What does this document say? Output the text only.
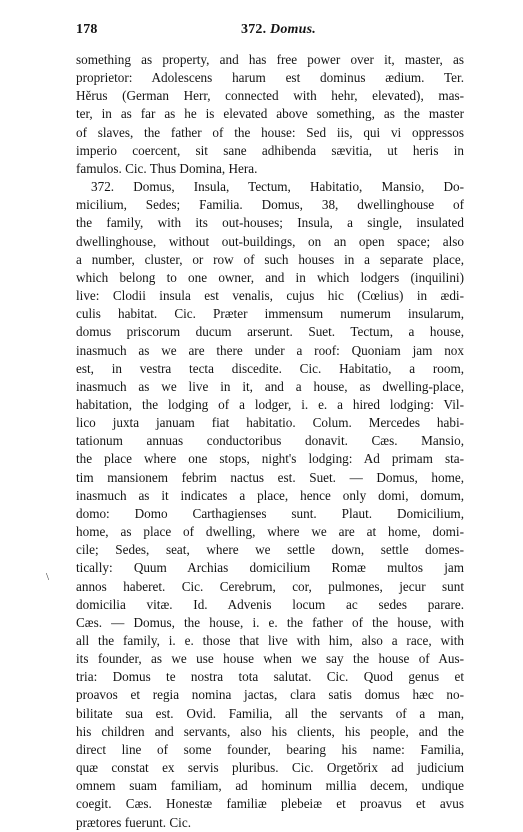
178	372. Domus.
something as property, and has free power over it, master, as
proprietor: Adolescens harum est dominus ædium. Ter.
Hĕrus (German Herr, connected with hehr, elevated), mas-
ter, in as far as he is elevated above something, as the master
of slaves, the father of the house: Sed iis, qui vi oppressos
imperio coercent, sit sane adhibenda sævitia, ut heris in
famulos. Cic. Thus Domina, Hera.
372. Domus, Insula, Tectum, Habitatio, Mansio, Do-
micilium, Sedes; Familia. Domus, 38, dwellinghouse of
the family, with its out-houses; Insula, a single, insulated
dwellinghouse, without out-buildings, on an open space; also
a number, cluster, or row of such houses in a separate place,
which belong to one owner, and in which lodgers (inquilini)
live: Clodii insula est venalis, cujus hic (Cœlius) in ædi-
culis habitat. Cic. Præter immensum numerum insularum,
domus priscorum ducum arserunt. Suet. Tectum, a house,
inasmuch as we are there under a roof: Quoniam jam nox
est, in vestra tecta discedite. Cic. Habitatio, a room,
inasmuch as we live in it, and a house, as dwelling-place,
habitation, the lodging of a lodger, i. e. a hired lodging: Vil-
lico juxta januam fiat habitatio. Colum. Mercedes habi-
tationum annuas conductoribus donavit. Cæs. Mansio,
the place where one stops, night's lodging: Ad primam sta-
tim mansionem febrim nactus est. Suet. — Domus, home,
inasmuch as it indicates a place, hence only domi, domum,
domo: Domo Carthagienses sunt. Plaut. Domicilium,
home, as place of dwelling, where we are at home, domi-
cile; Sedes, seat, where we settle down, settle domes-
tically: Quum Archias domicilium Romæ multos jam
annos haberet. Cic. Cerebrum, cor, pulmones, jecur sunt
domicilia vitæ. Id. Advenis locum ac sedes parare.
Cæs. — Domus, the house, i. e. the father of the house, with
all the family, i. e. those that live with him, also a race, with
its founder, as we use house when we say the house of Aus-
tria: Domus te nostra tota salutat. Cic. Quod genus et
proavos et regia nomina jactas, clara satis domus hæc no-
bilitate sua est. Ovid. Familia, all the servants of a man,
his children and servants, also his clients, his people, and the
direct line of some founder, bearing his name: Familia,
quæ constat ex servis pluribus. Cic. Orgetŏrix ad judicium
omnem suam familiam, ad hominum millia decem, undique
coegit. Cæs. Honestæ familiæ plebeiæ et proavus et avus
prætores fuerunt. Cic.
\
